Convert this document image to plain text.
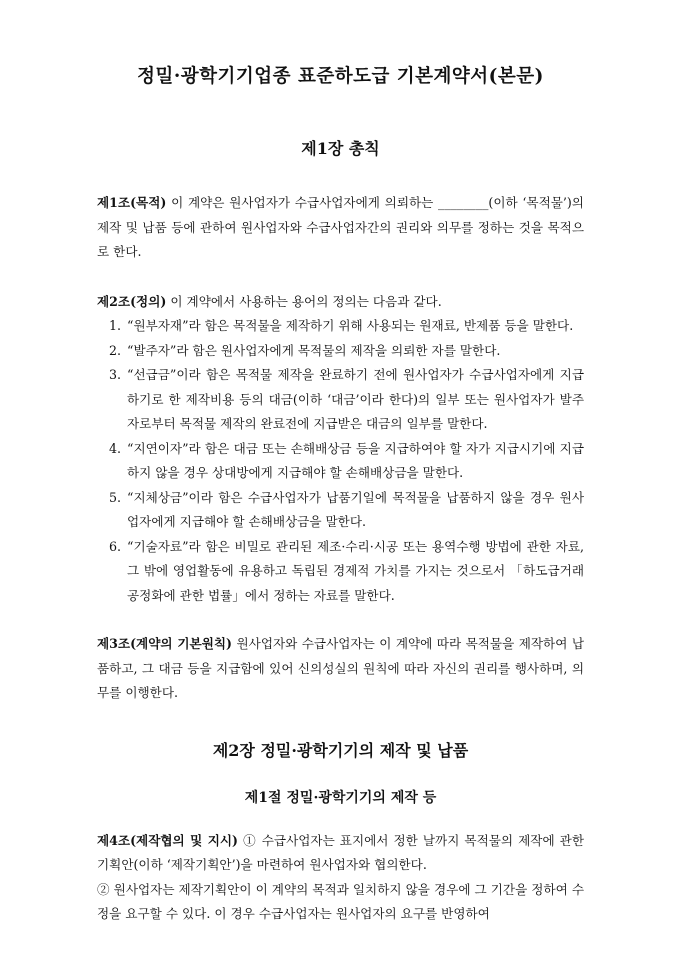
정밀·광학기기업종 표준하도급 기본계약서(본문)
제1장 총칙

제1조(목적) 이 계약은 원사업자가 수급사업자에게 의뢰하는 ________(이하 ‘목적물’)의 제작 및 납품 등에 관하여 원사업자와 수급사업자간의 권리와 의무를 정하는 것을 목적으로 한다.

제2조(정의) 이 계약에서 사용하는 용어의 정의는 다음과 같다.

1. “원부자재”라 함은 목적물을 제작하기 위해 사용되는 원재료, 반제품 등을 말한다.
2. “발주자”라 함은 원사업자에게 목적물의 제작을 의뢰한 자를 말한다.
3. “선급금”이라 함은 목적물 제작을 완료하기 전에 원사업자가 수급사업자에게 지급하기로 한 제작비용 등의 대금(이하 ‘대금’이라 한다)의 일부 또는 원사업자가 발주자로부터 목적물 제작의 완료전에 지급받은 대금의 일부를 말한다.
4. “지연이자”라 함은 대금 또는 손해배상금 등을 지급하여야 할 자가 지급시기에 지급하지 않을 경우 상대방에게 지급해야 할 손해배상금을 말한다.
5. “지체상금”이라 함은 수급사업자가 납품기일에 목적물을 납품하지 않을 경우 원사업자에게 지급해야 할 손해배상금을 말한다.
6. “기술자료”라 함은 비밀로 관리된 제조·수리·시공 또는 용역수행 방법에 관한 자료, 그 밖에 영업활동에 유용하고 독립된 경제적 가치를 가지는 것으로서 「하도급거래 공정화에 관한 법률」에서 정하는 자료를 말한다.

제3조(계약의 기본원칙) 원사업자와 수급사업자는 이 계약에 따라 목적물을 제작하여 납품하고, 그 대금 등을 지급함에 있어 신의성실의 원칙에 따라 자신의 권리를 행사하며, 의무를 이행한다.

제2장 정밀·광학기기의 제작 및 납품
제1절 정밀·광학기기의 제작 등

제4조(제작협의 및 지시) ① 수급사업자는 표지에서 정한 날까지 목적물의 제작에 관한 기획안(이하 ‘제작기획안’)을 마련하여 원사업자와 협의한다.

② 원사업자는 제작기획안이 이 계약의 목적과 일치하지 않을 경우에 그 기간을 정하여 수정을 요구할 수 있다. 이 경우 수급사업자는 원사업자의 요구를 반영하여
